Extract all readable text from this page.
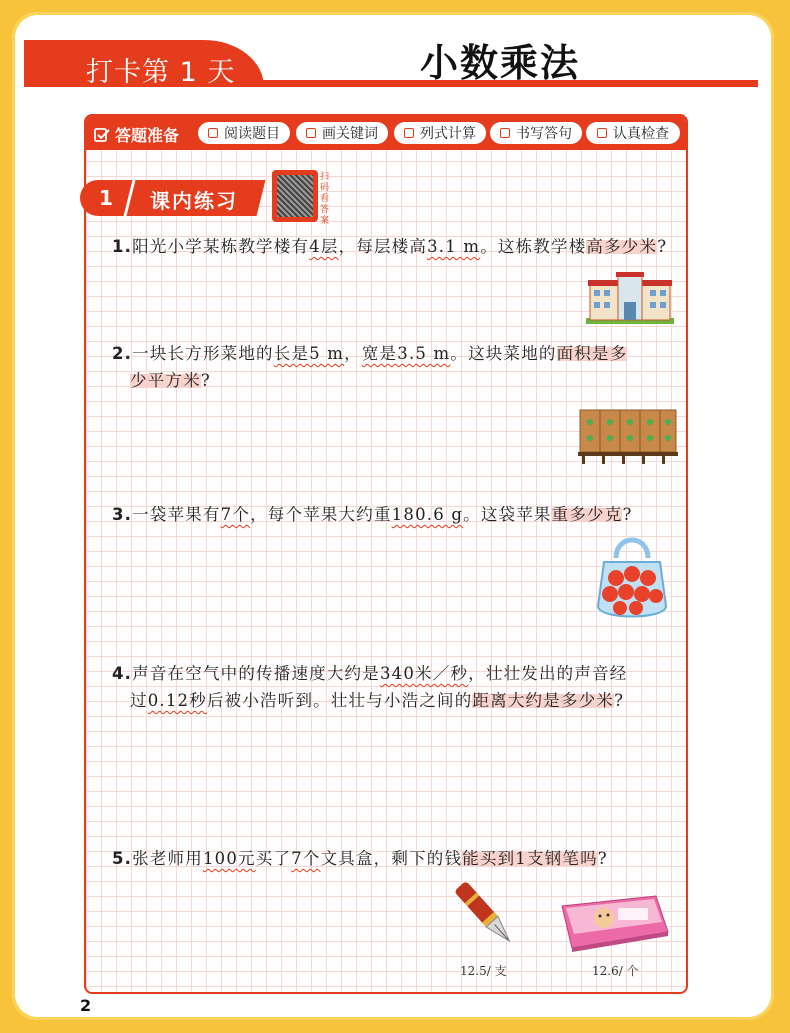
打卡第 1 天	小数乘法
答题准备	阅读题目	画关键词	列式计算	书写答句	认真检查
1	课内练习
扫码看答案
1.阳光小学某栋教学楼有4层，每层楼高3.1 m。这栋教学楼高多少米?
2.一块长方形菜地的长是5 m，宽是3.5 m。这块菜地的面积是多
少平方米?
3.一袋苹果有7个，每个苹果大约重180.6 g。这袋苹果重多少克?
4.声音在空气中的传播速度大约是340米／秒，壮壮发出的声音经
过0.12秒后被小浩听到。壮壮与小浩之间的距离大约是多少米?
5.张老师用100元买了7个文具盒，剩下的钱能买到1支钢笔吗?
12.5/ 支	12.6/ 个
2
